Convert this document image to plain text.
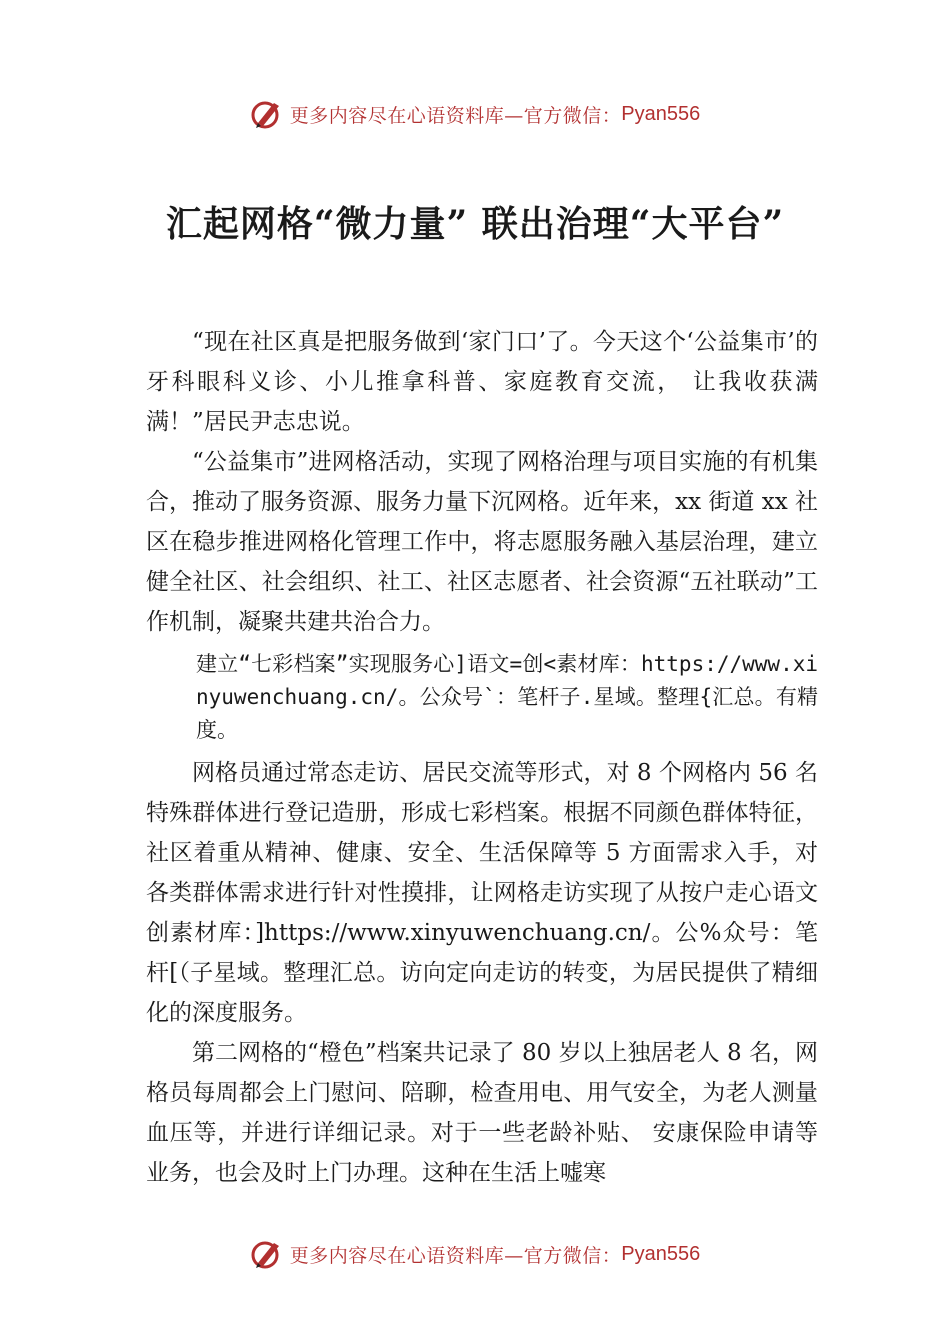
更多内容尽在心语资料库—官方微信： Pyan556
汇起网格“微力量” 联出治理“大平台”

“现在社区真是把服务做到‘家门口’了。今天这个‘公益集市’的牙科眼科义诊、小儿推拿科普、家庭教育交流， 让我收获满满！”居民尹志忠说。

“公益集市”进网格活动，实现了网格治理与项目实施的有机集合，推动了服务资源、服务力量下沉网格。近年来，xx 街道 xx 社区在稳步推进网格化管理工作中，将志愿服务融入基层治理，建立健全社区、社会组织、社工、社区志愿者、社会资源“五社联动”工作机制，凝聚共建共治合力。

建立“七彩档案”实现服务心]语文=创<素材库：https://www.xinyuwenchuang.cn/。公众号`：笔杆子.星域。整理{汇总。有精度。

网格员通过常态走访、居民交流等形式，对 8 个网格内 56 名特殊群体进行登记造册，形成七彩档案。根据不同颜色群体特征，社区着重从精神、健康、安全、生活保障等 5 方面需求入手，对各类群体需求进行针对性摸排，让网格走访实现了从按户走心语文创素材库：]https://www.xinyuwenchuang.cn/。公%众号：笔杆[（子星域。整理汇总。访向定向走访的转变，为居民提供了精细化的深度服务。

第二网格的“橙色”档案共记录了 80 岁以上独居老人 8 名，网格员每周都会上门慰问、陪聊，检查用电、用气安全，为老人测量血压等，并进行详细记录。对于一些老龄补贴、 安康保险申请等业务，也会及时上门办理。这种在生活上嘘寒

更多内容尽在心语资料库—官方微信： Pyan556
